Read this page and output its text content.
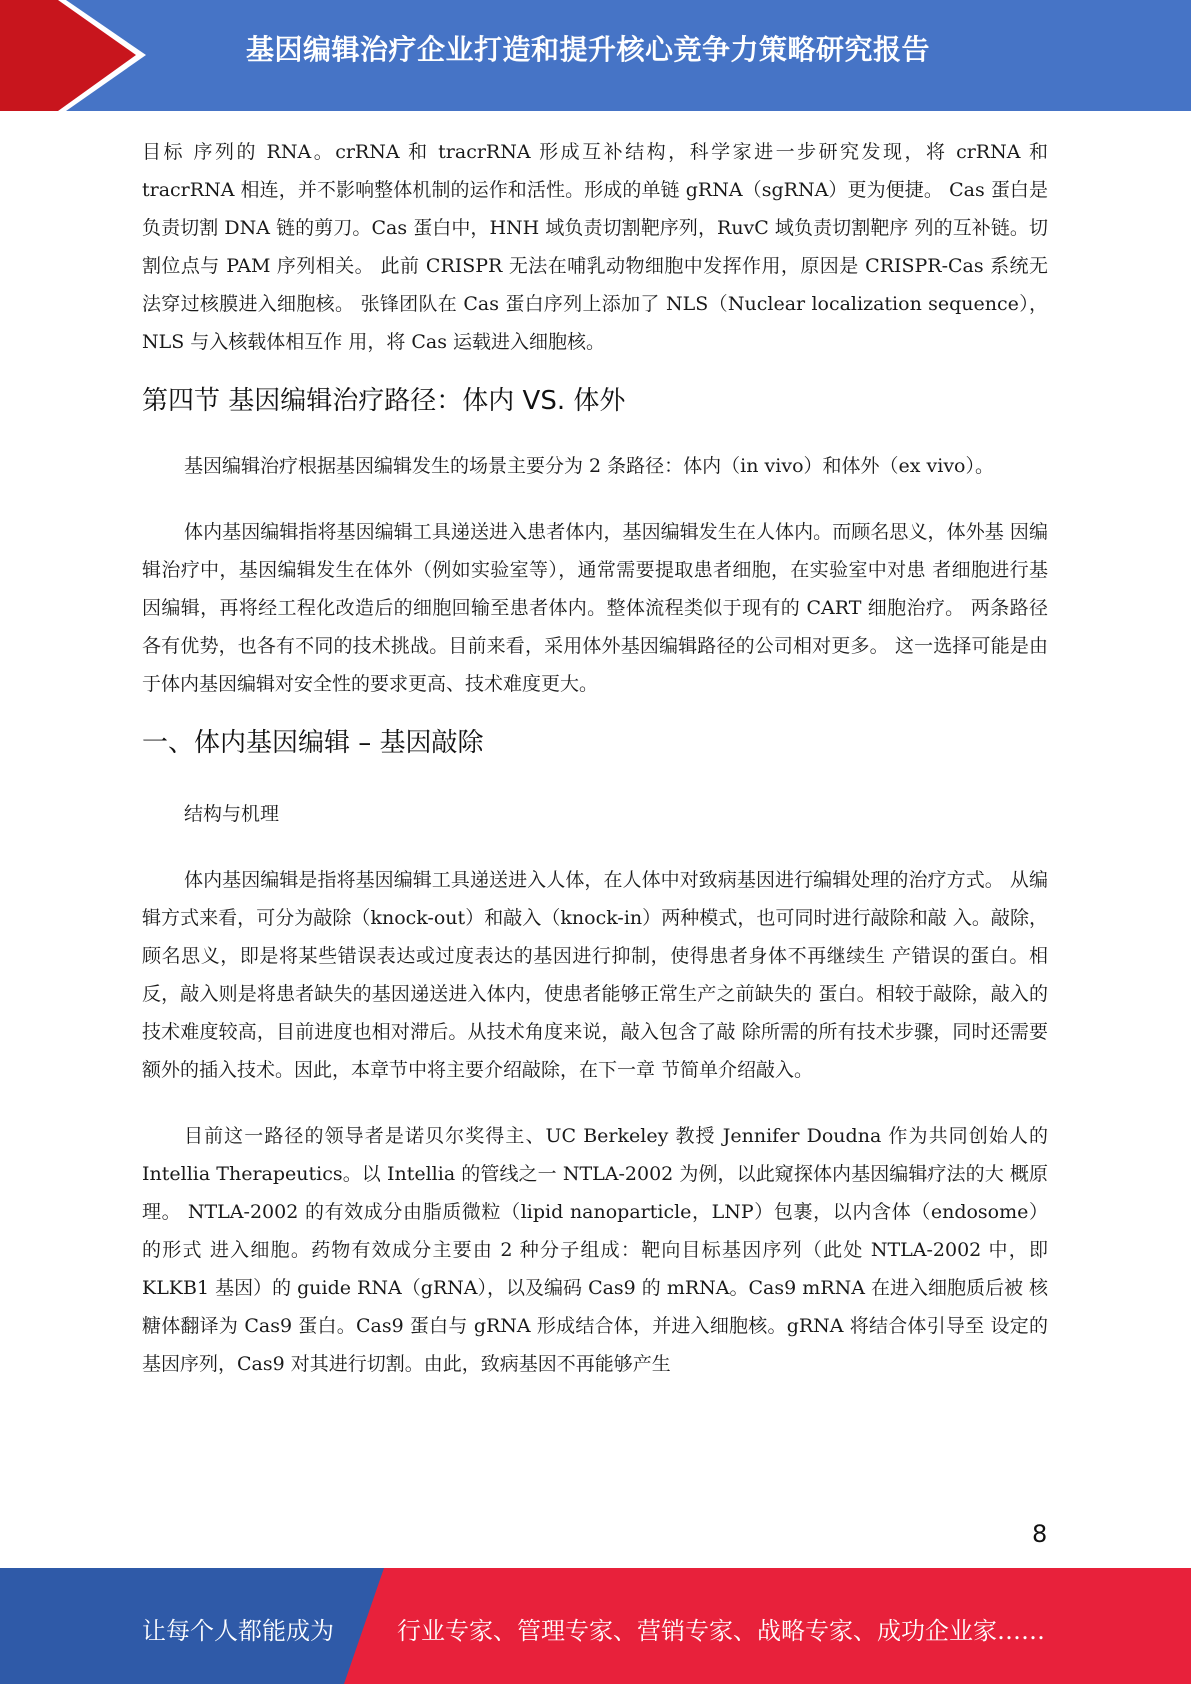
基因编辑治疗企业打造和提升核心竞争力策略研究报告

目标 序列的 RNA。crRNA 和 tracrRNA 形成互补结构，科学家进一步研究发现，将 crRNA 和 tracrRNA 相连，并不影响整体机制的运作和活性。形成的单链 gRNA（sgRNA）更为便捷。 Cas 蛋白是负责切割 DNA 链的剪刀。Cas 蛋白中，HNH 域负责切割靶序列，RuvC 域负责切割靶序 列的互补链。切割位点与 PAM 序列相关。 此前 CRISPR 无法在哺乳动物细胞中发挥作用，原因是 CRISPR-Cas 系统无法穿过核膜进入细胞核。 张锋团队在 Cas 蛋白序列上添加了 NLS（Nuclear localization sequence），NLS 与入核载体相互作 用，将 Cas 运载进入细胞核。

第四节 基因编辑治疗路径：体内 VS. 体外

基因编辑治疗根据基因编辑发生的场景主要分为 2 条路径：体内（in vivo）和体外（ex vivo）。

体内基因编辑指将基因编辑工具递送进入患者体内，基因编辑发生在人体内。而顾名思义，体外基 因编辑治疗中，基因编辑发生在体外（例如实验室等），通常需要提取患者细胞，在实验室中对患 者细胞进行基因编辑，再将经工程化改造后的细胞回输至患者体内。整体流程类似于现有的 CART 细胞治疗。 两条路径各有优势，也各有不同的技术挑战。目前来看，采用体外基因编辑路径的公司相对更多。 这一选择可能是由于体内基因编辑对安全性的要求更高、技术难度更大。

一、体内基因编辑 – 基因敲除

结构与机理

体内基因编辑是指将基因编辑工具递送进入人体，在人体中对致病基因进行编辑处理的治疗方式。 从编辑方式来看，可分为敲除（knock-out）和敲入（knock-in）两种模式，也可同时进行敲除和敲 入。敲除，顾名思义，即是将某些错误表达或过度表达的基因进行抑制，使得患者身体不再继续生 产错误的蛋白。相反，敲入则是将患者缺失的基因递送进入体内，使患者能够正常生产之前缺失的 蛋白。相较于敲除，敲入的技术难度较高，目前进度也相对滞后。从技术角度来说，敲入包含了敲 除所需的所有技术步骤，同时还需要额外的插入技术。因此，本章节中将主要介绍敲除，在下一章 节简单介绍敲入。

目前这一路径的领导者是诺贝尔奖得主、UC Berkeley 教授 Jennifer Doudna 作为共同创始人的 Intellia Therapeutics。以 Intellia 的管线之一 NTLA-2002 为例，以此窥探体内基因编辑疗法的大 概原理。 NTLA-2002 的有效成分由脂质微粒（lipid nanoparticle，LNP）包裹，以内含体（endosome）的形式 进入细胞。药物有效成分主要由 2 种分子组成：靶向目标基因序列（此处 NTLA-2002 中，即 KLKB1 基因）的 guide RNA（gRNA），以及编码 Cas9 的 mRNA。Cas9 mRNA 在进入细胞质后被 核糖体翻译为 Cas9 蛋白。Cas9 蛋白与 gRNA 形成结合体，并进入细胞核。gRNA 将结合体引导至 设定的基因序列，Cas9 对其进行切割。由此，致病基因不再能够产生

8
让每个人都能成为	行业专家、管理专家、营销专家、战略专家、成功企业家……
